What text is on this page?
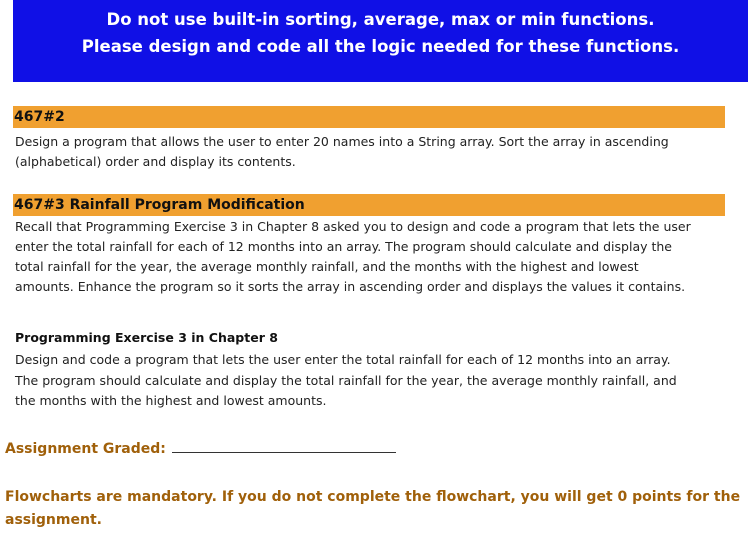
Do not use built-in sorting, average, max or min functions.
Please design and code all the logic needed for these functions.
467#2
Design a program that allows the user to enter 20 names into a String array. Sort the array in ascending
(alphabetical) order and display its contents.
467#3 Rainfall Program Modification
Recall that Programming Exercise 3 in Chapter 8 asked you to design and code a program that lets the user
enter the total rainfall for each of 12 months into an array. The program should calculate and display the
total rainfall for the year, the average monthly rainfall, and the months with the highest and lowest
amounts. Enhance the program so it sorts the array in ascending order and displays the values it contains.
Programming Exercise 3 in Chapter 8
Design and code a program that lets the user enter the total rainfall for each of 12 months into an array.
The program should calculate and display the total rainfall for the year, the average monthly rainfall, and
the months with the highest and lowest amounts.
Assignment Graded:
Flowcharts are mandatory. If you do not complete the flowchart, you will get 0 points for the
assignment.
